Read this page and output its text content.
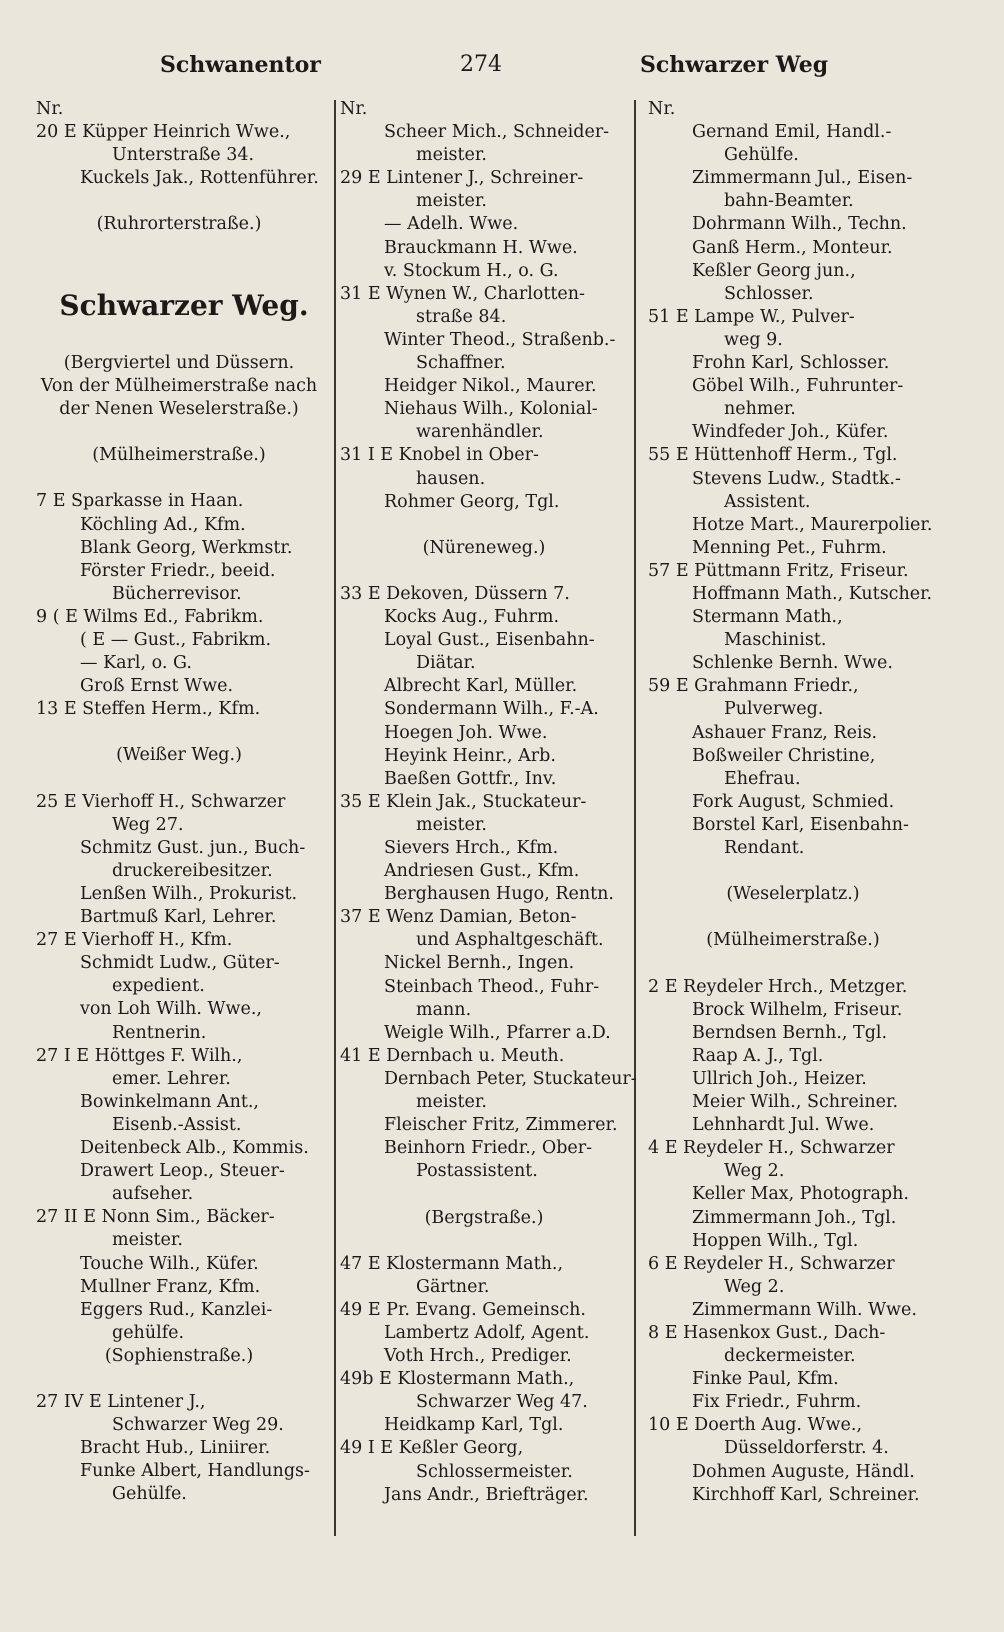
Schwanentor	274	Schwarzer Weg
Nr.
20 E Küpper Heinrich Wwe.,
Unterstraße 34.
Kuckels Jak., Rottenführer.
(Ruhrorterstraße.)
Schwarzer Weg.
(Bergviertel und Düssern.
Von der Mülheimerstraße nach
der Nenen Weselerstraße.)
(Mülheimerstraße.)
7 E Sparkasse in Haan.
Köchling Ad., Kfm.
Blank Georg, Werkmstr.
Förster Friedr., beeid.
Bücherrevisor.
9 ( E Wilms Ed., Fabrikm.
( E — Gust., Fabrikm.
— Karl, o. G.
Groß Ernst Wwe.
13 E Steffen Herm., Kfm.
(Weißer Weg.)
25 E Vierhoff H., Schwarzer
Weg 27.
Schmitz Gust. jun., Buch-
druckereibesitzer.
Lenßen Wilh., Prokurist.
Bartmuß Karl, Lehrer.
27 E Vierhoff H., Kfm.
Schmidt Ludw., Güter-
expedient.
von Loh Wilh. Wwe.,
Rentnerin.
27 I E Höttges F. Wilh.,
emer. Lehrer.
Bowinkelmann Ant.,
Eisenb.-Assist.
Deitenbeck Alb., Kommis.
Drawert Leop., Steuer-
aufseher.
27 II E Nonn Sim., Bäcker-
meister.
Touche Wilh., Küfer.
Mullner Franz, Kfm.
Eggers Rud., Kanzlei-
gehülfe.
(Sophienstraße.)
27 IV E Lintener J.,
Schwarzer Weg 29.
Bracht Hub., Liniirer.
Funke Albert, Handlungs-
Gehülfe.
Nr.
Scheer Mich., Schneider-
meister.
29 E Lintener J., Schreiner-
meister.
— Adelh. Wwe.
Brauckmann H. Wwe.
v. Stockum H., o. G.
31 E Wynen W., Charlotten-
straße 84.
Winter Theod., Straßenb.-
Schaffner.
Heidger Nikol., Maurer.
Niehaus Wilh., Kolonial-
warenhändler.
31 I E Knobel in Ober-
hausen.
Rohmer Georg, Tgl.
(Nüreneweg.)
33 E Dekoven, Düssern 7.
Kocks Aug., Fuhrm.
Loyal Gust., Eisenbahn-
Diätar.
Albrecht Karl, Müller.
Sondermann Wilh., F.-A.
Hoegen Joh. Wwe.
Heyink Heinr., Arb.
Baeßen Gottfr., Inv.
35 E Klein Jak., Stuckateur-
meister.
Sievers Hrch., Kfm.
Andriesen Gust., Kfm.
Berghausen Hugo, Rentn.
37 E Wenz Damian, Beton-
und Asphaltgeschäft.
Nickel Bernh., Ingen.
Steinbach Theod., Fuhr-
mann.
Weigle Wilh., Pfarrer a.D.
41 E Dernbach u. Meuth.
Dernbach Peter, Stuckateur-
meister.
Fleischer Fritz, Zimmerer.
Beinhorn Friedr., Ober-
Postassistent.
(Bergstraße.)
47 E Klostermann Math.,
Gärtner.
49 E Pr. Evang. Gemeinsch.
Lambertz Adolf, Agent.
Voth Hrch., Prediger.
49b E Klostermann Math.,
Schwarzer Weg 47.
Heidkamp Karl, Tgl.
49 I E Keßler Georg,
Schlossermeister.
Jans Andr., Briefträger.
Nr.
Gernand Emil, Handl.-
Gehülfe.
Zimmermann Jul., Eisen-
bahn-Beamter.
Dohrmann Wilh., Techn.
Ganß Herm., Monteur.
Keßler Georg jun.,
Schlosser.
51 E Lampe W., Pulver-
weg 9.
Frohn Karl, Schlosser.
Göbel Wilh., Fuhrunter-
nehmer.
Windfeder Joh., Küfer.
55 E Hüttenhoff Herm., Tgl.
Stevens Ludw., Stadtk.-
Assistent.
Hotze Mart., Maurerpolier.
Menning Pet., Fuhrm.
57 E Püttmann Fritz, Friseur.
Hoffmann Math., Kutscher.
Stermann Math.,
Maschinist.
Schlenke Bernh. Wwe.
59 E Grahmann Friedr.,
Pulverweg.
Ashauer Franz, Reis.
Boßweiler Christine,
Ehefrau.
Fork August, Schmied.
Borstel Karl, Eisenbahn-
Rendant.
(Weselerplatz.)
(Mülheimerstraße.)
2 E Reydeler Hrch., Metzger.
Brock Wilhelm, Friseur.
Berndsen Bernh., Tgl.
Raap A. J., Tgl.
Ullrich Joh., Heizer.
Meier Wilh., Schreiner.
Lehnhardt Jul. Wwe.
4 E Reydeler H., Schwarzer
Weg 2.
Keller Max, Photograph.
Zimmermann Joh., Tgl.
Hoppen Wilh., Tgl.
6 E Reydeler H., Schwarzer
Weg 2.
Zimmermann Wilh. Wwe.
8 E Hasenkox Gust., Dach-
deckermeister.
Finke Paul, Kfm.
Fix Friedr., Fuhrm.
10 E Doerth Aug. Wwe.,
Düsseldorferstr. 4.
Dohmen Auguste, Händl.
Kirchhoff Karl, Schreiner.
